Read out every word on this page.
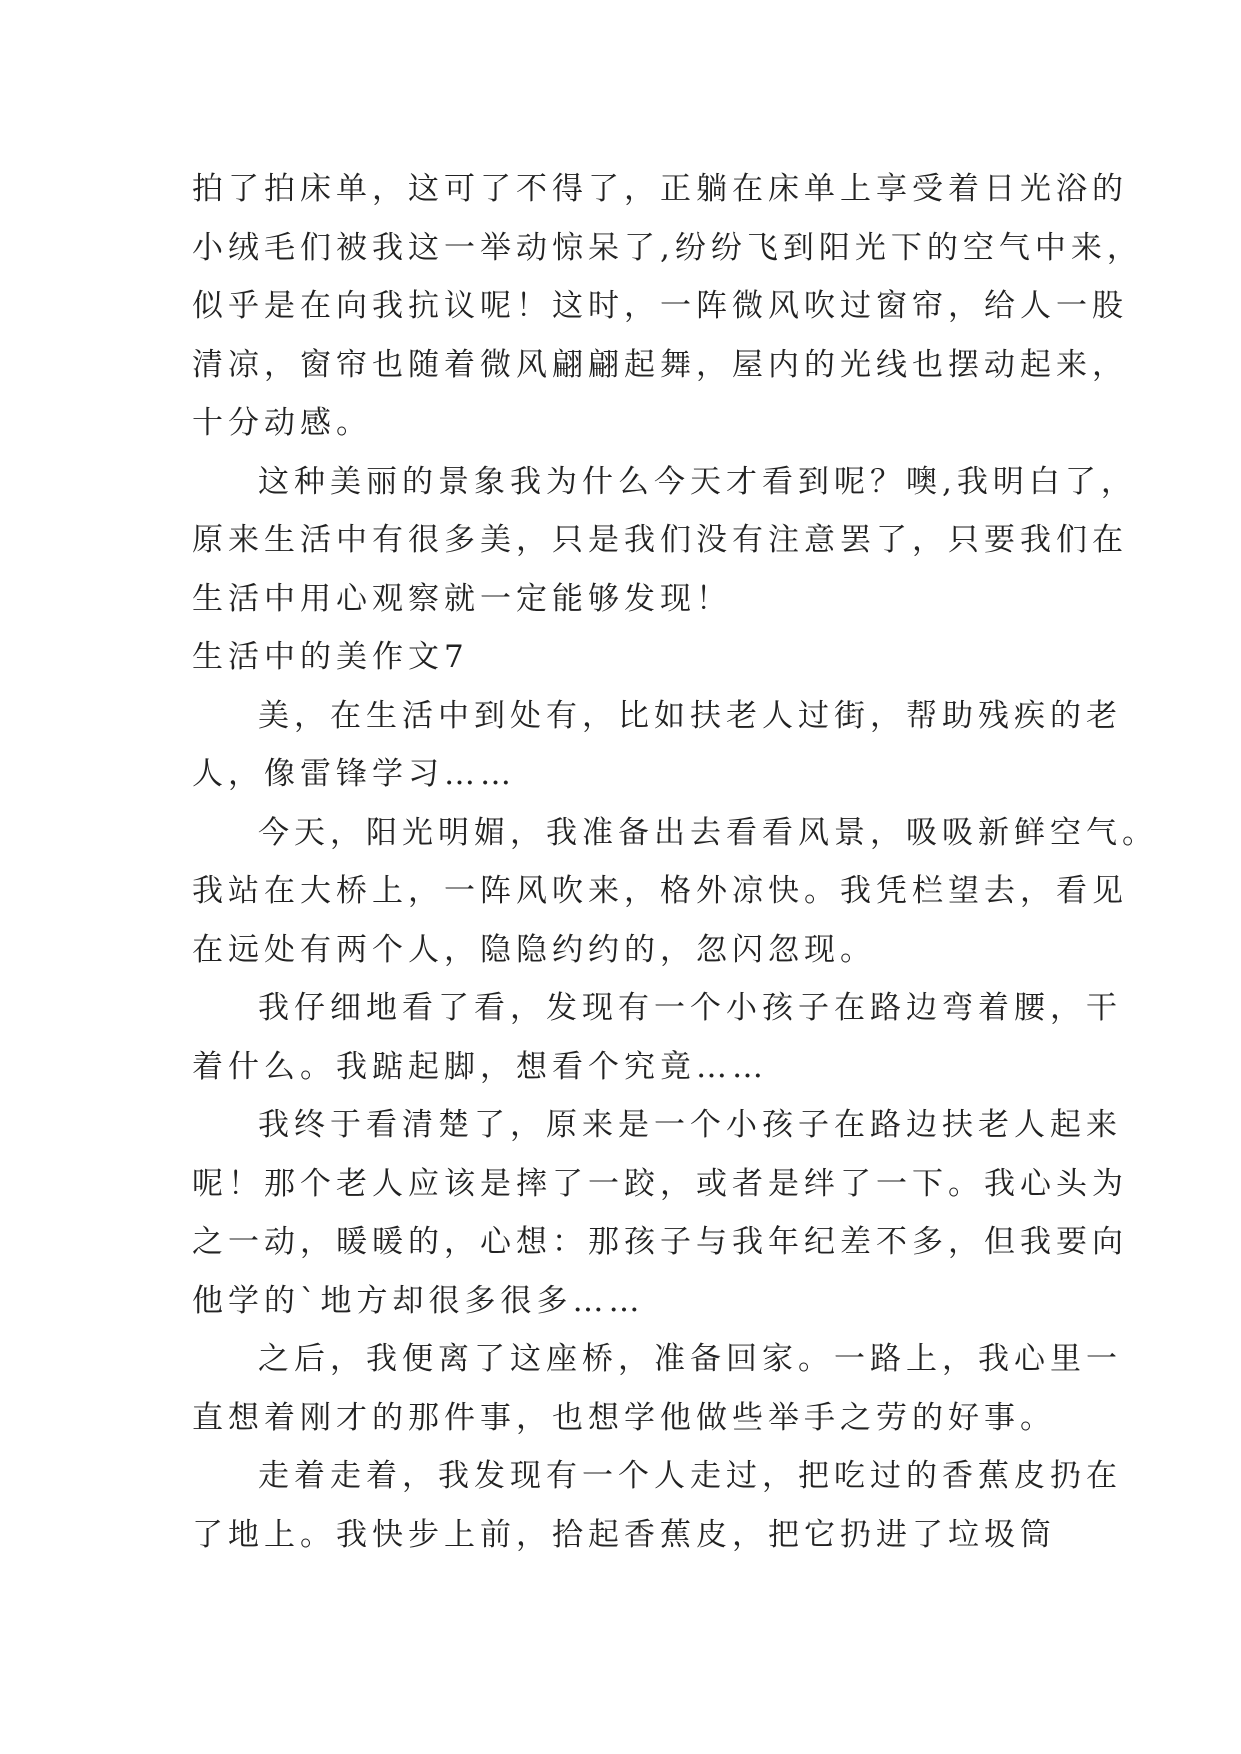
拍了拍床单，这可了不得了，正躺在床单上享受着日光浴的
小绒毛们被我这一举动惊呆了,纷纷飞到阳光下的空气中来，
似乎是在向我抗议呢！这时，一阵微风吹过窗帘，给人一股
清凉，窗帘也随着微风翩翩起舞，屋内的光线也摆动起来，
十分动感。
这种美丽的景象我为什么今天才看到呢？噢,我明白了，
原来生活中有很多美，只是我们没有注意罢了，只要我们在
生活中用心观察就一定能够发现！
生活中的美作文7
美，在生活中到处有，比如扶老人过街，帮助残疾的老
人，像雷锋学习……
今天，阳光明媚，我准备出去看看风景，吸吸新鲜空气。
我站在大桥上，一阵风吹来，格外凉快。我凭栏望去，看见
在远处有两个人，隐隐约约的，忽闪忽现。
我仔细地看了看，发现有一个小孩子在路边弯着腰，干
着什么。我踮起脚，想看个究竟……
我终于看清楚了，原来是一个小孩子在路边扶老人起来
呢！那个老人应该是摔了一跤，或者是绊了一下。我心头为
之一动，暖暖的，心想：那孩子与我年纪差不多，但我要向
他学的`地方却很多很多……
之后，我便离了这座桥，准备回家。一路上，我心里一
直想着刚才的那件事，也想学他做些举手之劳的好事。
走着走着，我发现有一个人走过，把吃过的香蕉皮扔在
了地上。我快步上前，拾起香蕉皮，把它扔进了垃圾筒
